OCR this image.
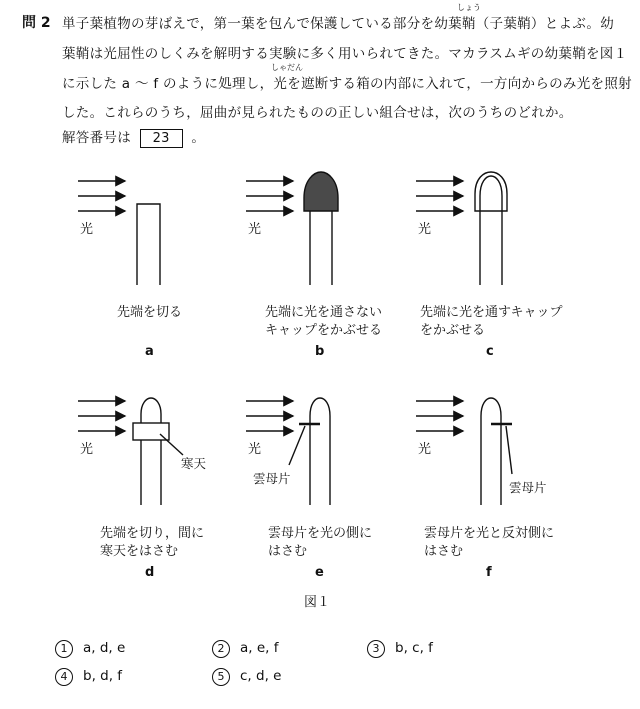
問 2
しょう
単子葉植物の芽ばえで，第一葉を包んで保護している部分を幼葉鞘（子葉鞘）とよぶ。幼
葉鞘は光屈性のしくみを解明する実験に多く用いられてきた。マカラスムギの幼葉鞘を図１
しゃだん
に示した a ～ f のように処理し，光を遮断する箱の内部に入れて，一方向からのみ光を照射
した。これらのうち，屈曲が見られたものの正しい組合せは，次のうちのどれか。
解答番号は 23 。
光	光	光
光	光	光
寒天
雲母片
雲母片
先端を切る	先端に光を通さない
キャップをかぶせる
先端に光を通すキャップ
をかぶせる
先端を切り，間に
寒天をはさむ
雲母片を光の側に
はさむ
雲母片を光と反対側に
はさむ
a	b	c
d	e	f
図１
1 a, d, e	2 a, e, f	3 b, c, f
4 b, d, f	5 c, d, e
